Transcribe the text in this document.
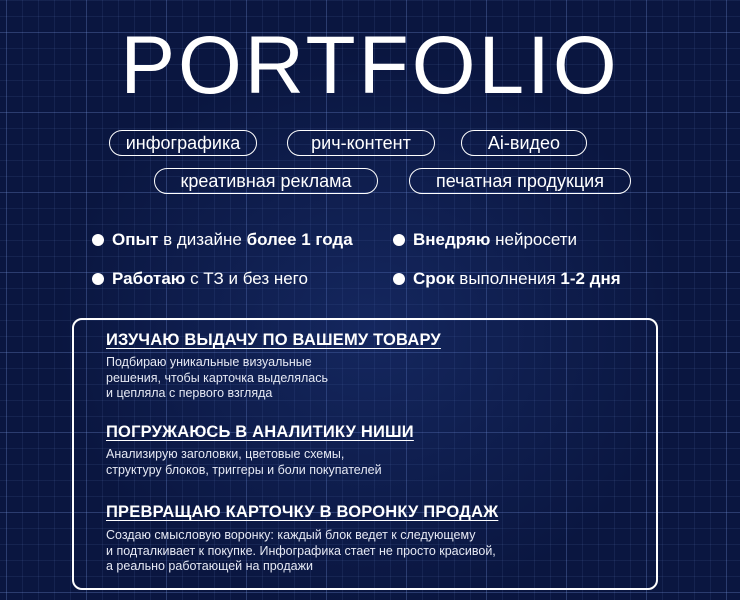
PORTFOLIO
инфографика	рич-контент	Ai-видео
креативная реклама	печатная продукция
Опыт в дизайне более 1 года	Внедряю нейросети
Работаю с ТЗ и без него	Срок выполнения 1-2 дня
ИЗУЧАЮ ВЫДАЧУ ПО ВАШЕМУ ТОВАРУ
Подбираю уникальные визуальные
решения, чтобы карточка выделялась
и цепляла с первого взгляда
ПОГРУЖАЮСЬ В АНАЛИТИКУ НИШИ
Анализирую заголовки, цветовые схемы,
структуру блоков, триггеры и боли покупателей
ПРЕВРАЩАЮ КАРТОЧКУ В ВОРОНКУ ПРОДАЖ
Создаю смысловую воронку: каждый блок ведет к следующему
и подталкивает к покупке. Инфографика стает не просто красивой,
а реально работающей на продажи
